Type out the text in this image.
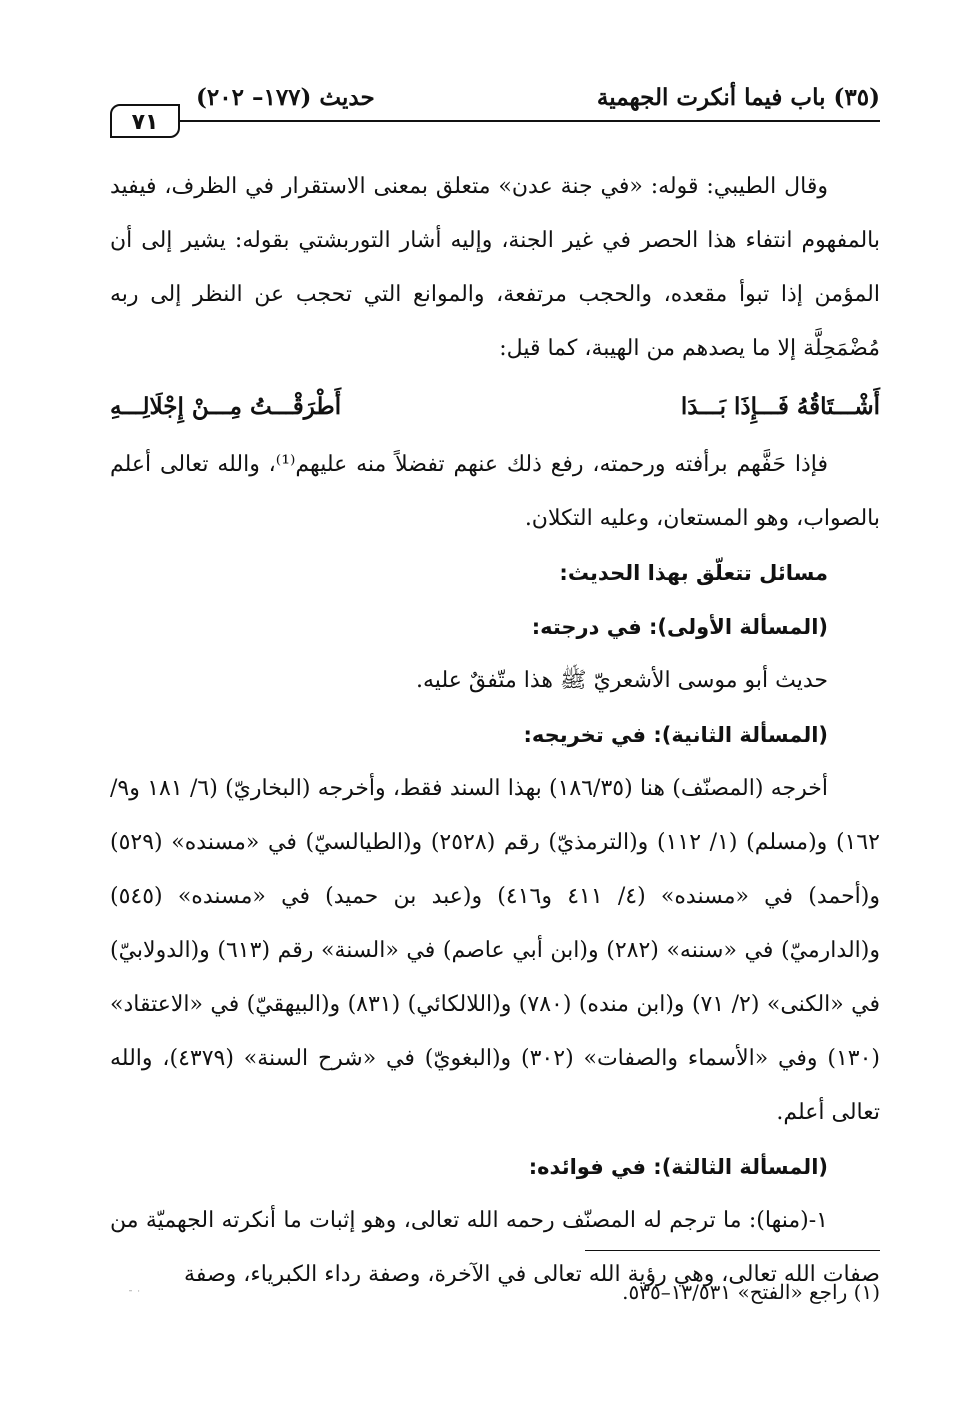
(٣٥) باب فيما أنكرت الجهمية
حديث (١٧٧– ٢٠٢)
٧١

وقال الطيبي: قوله: «في جنة عدن» متعلق بمعنى الاستقرار في الظرف، فيفيد بالمفهوم انتفاء هذا الحصر في غير الجنة، وإليه أشار التوربشتي بقوله: يشير إلى أن المؤمن إذا تبوأ مقعده، والحجب مرتفعة، والموانع التي تحجب عن النظر إلى ربه مُضْمَحِلَّة إلا ما يصدهم من الهيبة، كما قيل:

أَشْـــتَاقُهُ فَـــإِذَا بَـــدَا
أَطْرَقْـــتُ مِـــنْ إِجْلَالِـــهِ

فإذا حَفَّهم برأفته ورحمته، رفع ذلك عنهم تفضلاً منه عليهم⁽¹⁾، والله تعالى أعلم بالصواب، وهو المستعان، وعليه التكلان.

مسائل تتعلّق بهذا الحديث:

(المسألة الأولى): في درجته:

حديث أبو موسى الأشعريّ ﷺ هذا متّفقٌ عليه.

(المسألة الثانية): في تخريجه:

أخرجه (المصنّف) هنا (١٨٦/٣٥) بهذا السند فقط، وأخرجه (البخاريّ) (٦/ ١٨١ و٩/ ١٦٢) و(مسلم) (١/ ١١٢) و(الترمذيّ) رقم (٢٥٢٨) و(الطيالسيّ) في «مسنده» (٥٢٩) و(أحمد) في «مسنده» (٤/ ٤١١ و٤١٦) و(عبد بن حميد) في «مسنده» (٥٤٥) و(الدارميّ) في «سننه» (٢٨٢) و(ابن أبي عاصم) في «السنة» رقم (٦١٣) و(الدولابيّ) في «الكنى» (٢/ ٧١) و(ابن منده) (٧٨٠) و(اللالكائي) (٨٣١) و(البيهقيّ) في «الاعتقاد» (١٣٠) وفي «الأسماء والصفات» (٣٠٢) و(البغويّ) في «شرح السنة» (٤٣٧٩)، والله تعالى أعلم.

(المسألة الثالثة): في فوائده:

١-(منها): ما ترجم له المصنّف رحمه الله تعالى، وهو إثبات ما أنكرته الجهميّة من صفات الله تعالى، وهي رؤية الله تعالى في الآخرة، وصفة رداء الكبرياء، وصفة

(١) راجع «الفتح» ١٣/٥٣١–٥٣٥.
˙ ¯
